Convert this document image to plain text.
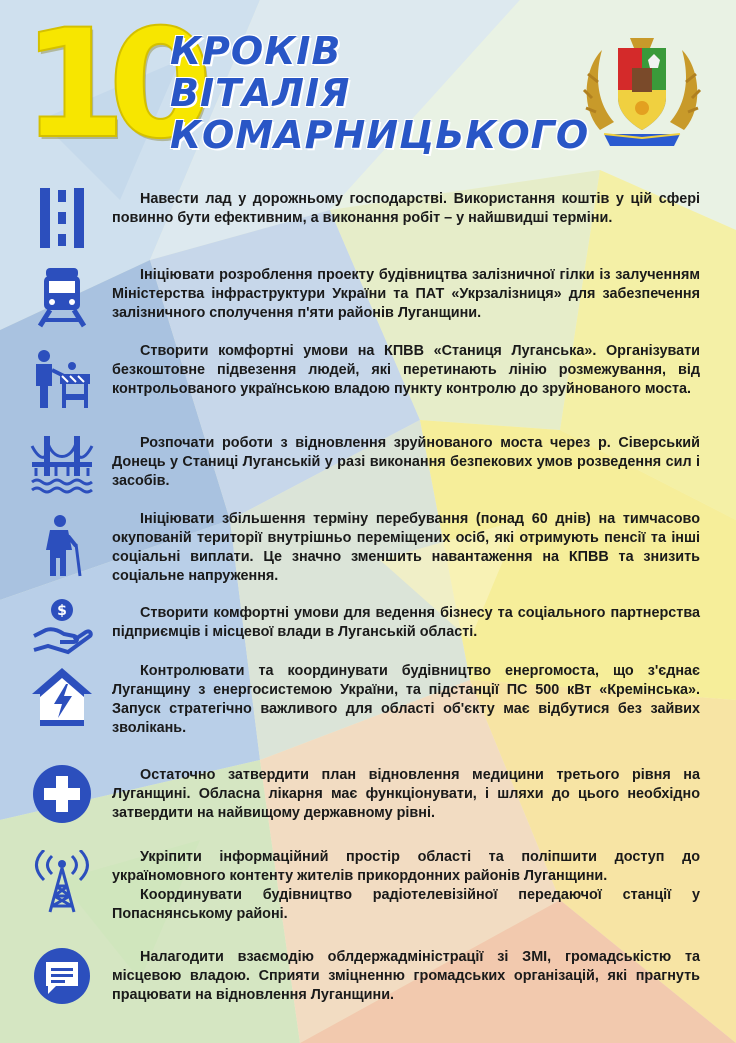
10
КРОКІВ
ВІТАЛІЯ
КОМАРНИЦЬКОГО

Навести лад у дорожньому господарстві. Використання коштів у цій сфері повинно бути ефективним, а виконання робіт – у найшвидші терміни.

Ініціювати розроблення проекту будівництва залізничної гілки із залученням Міністерства інфраструктури України та ПАТ «Укрзалізниця» для забезпечення залізничного сполучення п'яти районів Луганщини.

Створити комфортні умови на КПВВ «Станиця Луганська». Організувати безкоштовне підвезення людей, які перетинають лінію розмежування, від контрольованого українською владою пункту контролю до зруйнованого моста.

Розпочати роботи з відновлення зруйнованого моста через р. Сіверський Донець у Станиці Луганській у разі виконання безпекових умов розведення сил і засобів.

Ініціювати збільшення терміну перебування (понад 60 днів) на тимчасово окупованій території внутрішньо переміщених осіб, які отримують пенсії та інші соціальні виплати. Це значно зменшить навантаження на КПВВ та знизить соціальне напруження.

$	Створити комфортні умови для ведення бізнесу та соціального партнерства підприємців і місцевої влади в Луганській області.

Контролювати та координувати будівництво енергомоста, що з'єднає Луганщину з енергосистемою України, та підстанції ПС 500 кВт «Кремінська». Запуск стратегічно важливого для області об'єкту має відбутися без зайвих зволікань.

Остаточно затвердити план відновлення медицини третього рівня на Луганщині. Обласна лікарня має функціонувати, і шляхи до цього необхідно затвердити на найвищому державному рівні.

Укріпити інформаційний простір області та поліпшити доступ до україномовного контенту жителів прикордонних районів Луганщини.

Координувати будівництво радіотелевізійної передаючої станції у Попаснянському районі.

Налагодити взаємодію облдержадміністрації зі ЗМІ, громадськістю та місцевою владою. Сприяти зміцненню громадських організацій, які прагнуть працювати на відновлення Луганщини.
